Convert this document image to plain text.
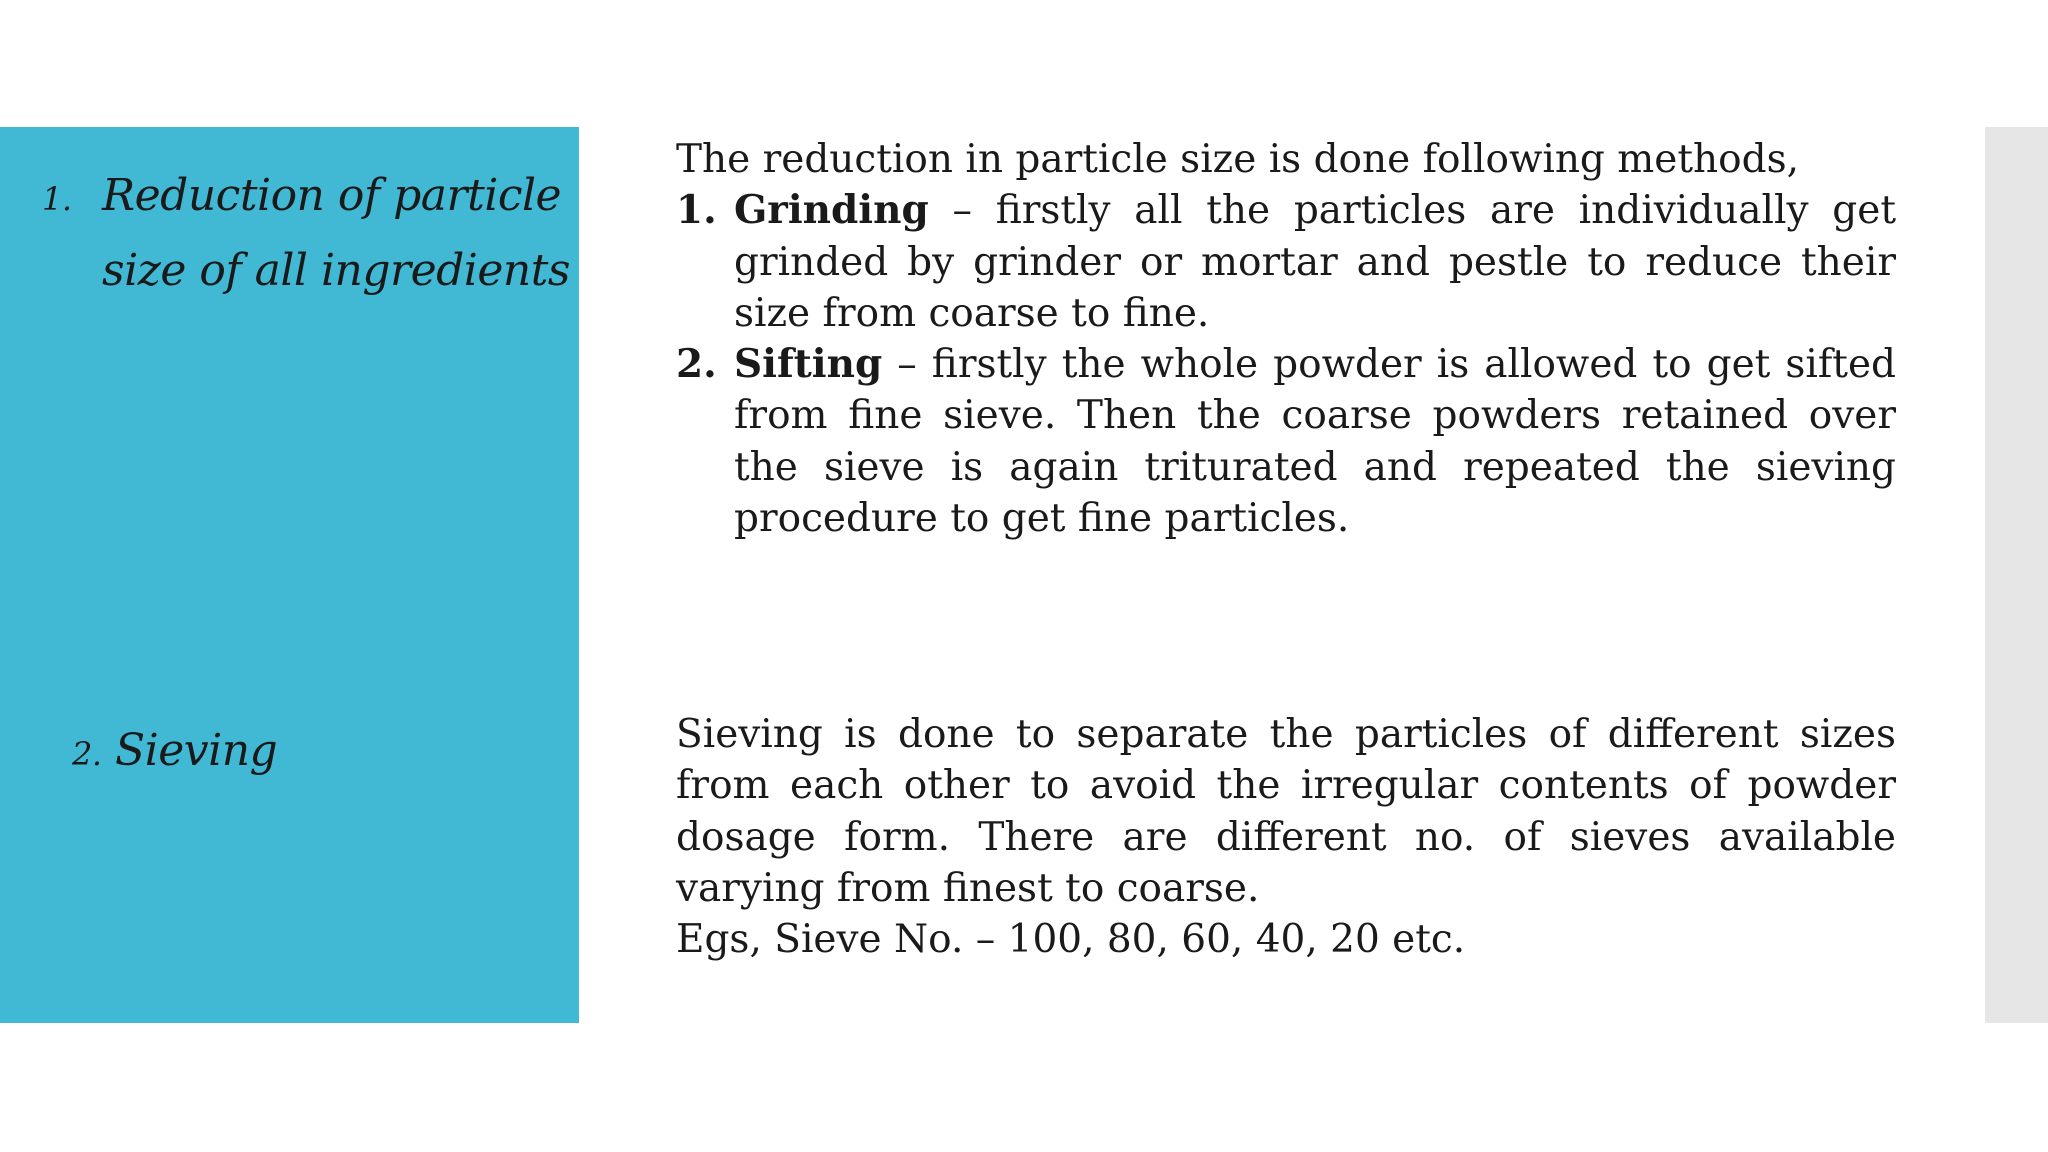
1. Reduction of particle
size of all ingredients
2. Sieving

The reduction in particle size is done following methods,

1. Grinding – firstly all the particles are individually get grinded by grinder or mortar and pestle to reduce their size from coarse to fine.
2. Sifting – firstly the whole powder is allowed to get sifted from fine sieve. Then the coarse powders retained over the sieve is again triturated and repeated the sieving procedure to get fine particles.

Sieving is done to separate the particles of different sizes from each other to avoid the irregular contents of powder dosage form. There are different no. of sieves available varying from finest to coarse.

Egs, Sieve No. – 100, 80, 60, 40, 20 etc.
